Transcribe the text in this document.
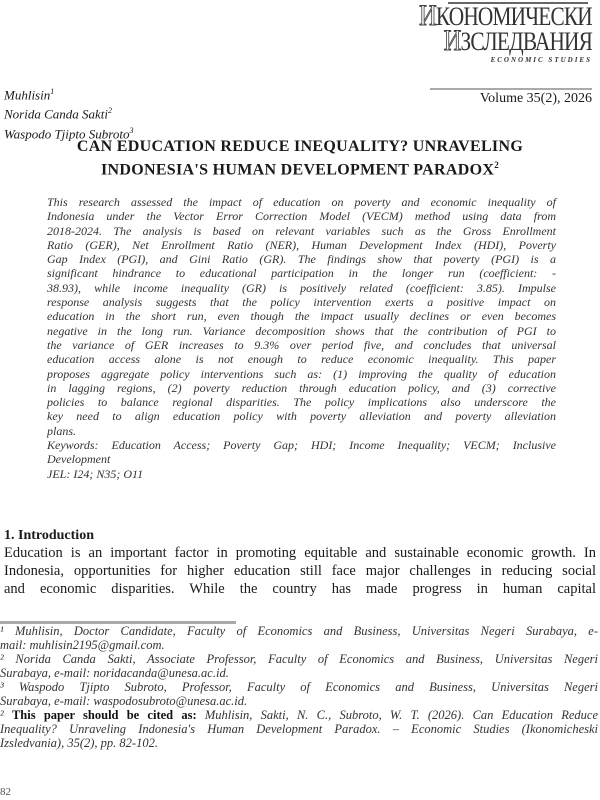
ИКОНОМИЧЕСКИ
ИЗСЛЕДВАНИЯ
ECONOMIC STUDIES
Volume 35(2), 2026
Muhlisin$^1$
Norida Canda Sakti$^2$
Waspodo Tjipto Subroto$^3$
CAN EDUCATION REDUCE INEQUALITY? UNRAVELING
INDONESIA'S HUMAN DEVELOPMENT PARADOX$^2$
This research assessed the impact of education on poverty and economic inequality of
Indonesia under the Vector Error Correction Model (VECM) method using data from
2018-2024. The analysis is based on relevant variables such as the Gross Enrollment
Ratio (GER), Net Enrollment Ratio (NER), Human Development Index (HDI), Poverty
Gap Index (PGI), and Gini Ratio (GR). The findings show that poverty (PGI) is a
significant hindrance to educational participation in the longer run (coefficient: -
38.93), while income inequality (GR) is positively related (coefficient: 3.85). Impulse
response analysis suggests that the policy intervention exerts a positive impact on
education in the short run, even though the impact usually declines or even becomes
negative in the long run. Variance decomposition shows that the contribution of PGI to
the variance of GER increases to 9.3% over period five, and concludes that universal
education access alone is not enough to reduce economic inequality. This paper
proposes aggregate policy interventions such as: (1) improving the quality of education
in lagging regions, (2) poverty reduction through education policy, and (3) corrective
policies to balance regional disparities. The policy implications also underscore the
key need to align education policy with poverty alleviation and poverty alleviation
plans.
Keywords: Education Access; Poverty Gap; HDI; Income Inequality; VECM; Inclusive
Development
JEL: I24; N35; O11
1. Introduction
Education is an important factor in promoting equitable and sustainable economic growth. In
Indonesia, opportunities for higher education still face major challenges in reducing social
and economic disparities. While the country has made progress in human capital
¹ Muhlisin, Doctor Candidate, Faculty of Economics and Business, Universitas Negeri Surabaya, e-
mail: muhlisin2195@gmail.com.
² Norida Canda Sakti, Associate Professor, Faculty of Economics and Business, Universitas Negeri
Surabaya, e-mail: noridacanda@unesa.ac.id.
³ Waspodo Tjipto Subroto, Professor, Faculty of Economics and Business, Universitas Negeri
Surabaya, e-mail: waspodosubroto@unesa.ac.id.
² This paper should be cited as: Muhlisin, Sakti, N. C., Subroto, W. T. (2026). Can Education Reduce
Inequality? Unraveling Indonesia's Human Development Paradox. – Economic Studies (Ikonomicheski
Izsledvania), 35(2), pp. 82-102.
82
